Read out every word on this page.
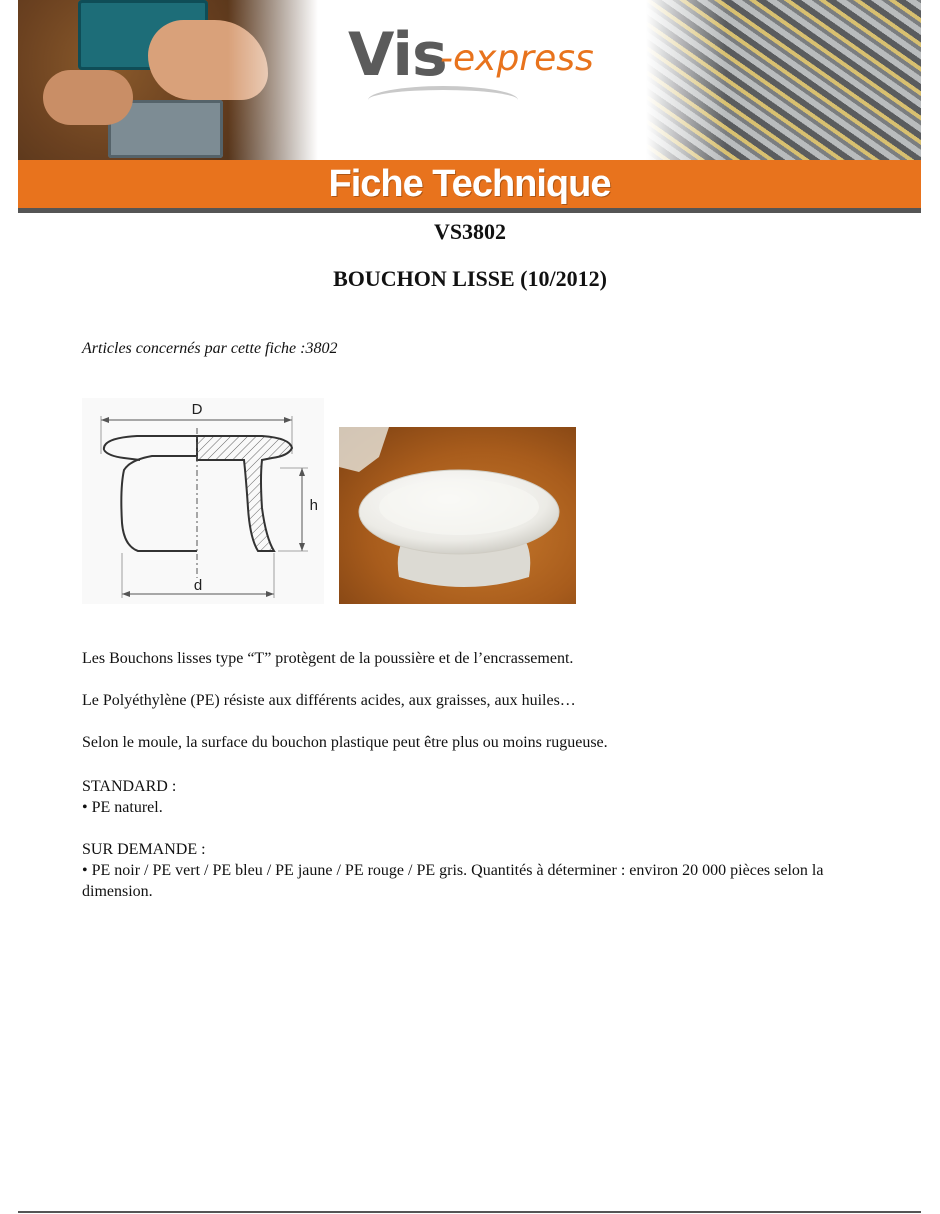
Vis
-express
Fiche Technique
VS3802
BOUCHON LISSE (10/2012)
Articles concernés par cette fiche :3802
D
h
d
Les Bouchons lisses type “T” protègent de la poussière et de l’encrassement.
Le Polyéthylène (PE) résiste aux différents acides, aux graisses, aux huiles…
Selon le moule, la surface du bouchon plastique peut être plus ou moins rugueuse.
STANDARD :
• PE naturel.
SUR DEMANDE :
• PE noir / PE vert / PE bleu / PE jaune / PE rouge / PE gris. Quantités à déterminer : environ 20 000 pièces selon la dimension.
